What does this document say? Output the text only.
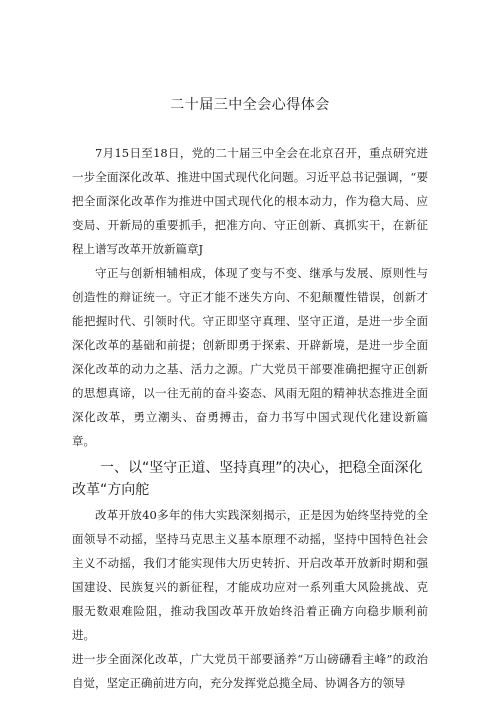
二十届三中全会心得体会

7月15日至18日，党的二十届三中全会在北京召开，重点研究进一步全面深化改革、推进中国式现代化问题。习近平总书记强调，“要把全面深化改革作为推进中国式现代化的根本动力，作为稳大局、应变局、开新局的重要抓手，把准方向、守正创新、真抓实干，在新征程上谱写改革开放新篇章J

守正与创新相辅相成，体现了变与不变、继承与发展、原则性与创造性的辩证统一。守正才能不迷失方向、不犯颠覆性错误，创新才能把握时代、引领时代。守正即坚守真理、坚守正道，是进一步全面深化改革的基础和前提；创新即勇于探索、开辟新境，是进一步全面深化改革的动力之基、活力之源。广大党员干部要准确把握守正创新的思想真谛，以一往无前的奋斗姿态、风雨无阻的精神状态推进全面深化改革，勇立潮头、奋勇搏击，奋力书写中国式现代化建设新篇章。

一、以“坚守正道、坚持真理”的决心，把稳全面深化改革“方向舵

改革开放40多年的伟大实践深刻揭示，正是因为始终坚持党的全面领导不动摇，坚持马克思主义基本原理不动摇，坚持中国特色社会主义不动摇，我们才能实现伟大历史转折、开启改革开放新时期和强国建设、民族复兴的新征程，才能成功应对一系列重大风险挑战、克服无数艰难险阻，推动我国改革开放始终沿着正确方向稳步顺利前进。

进一步全面深化改革，广大党员干部要涵养“万山磅礴看主峰”的政治自觉，坚定正确前进方向，充分发挥党总揽全局、协调各方的领导
